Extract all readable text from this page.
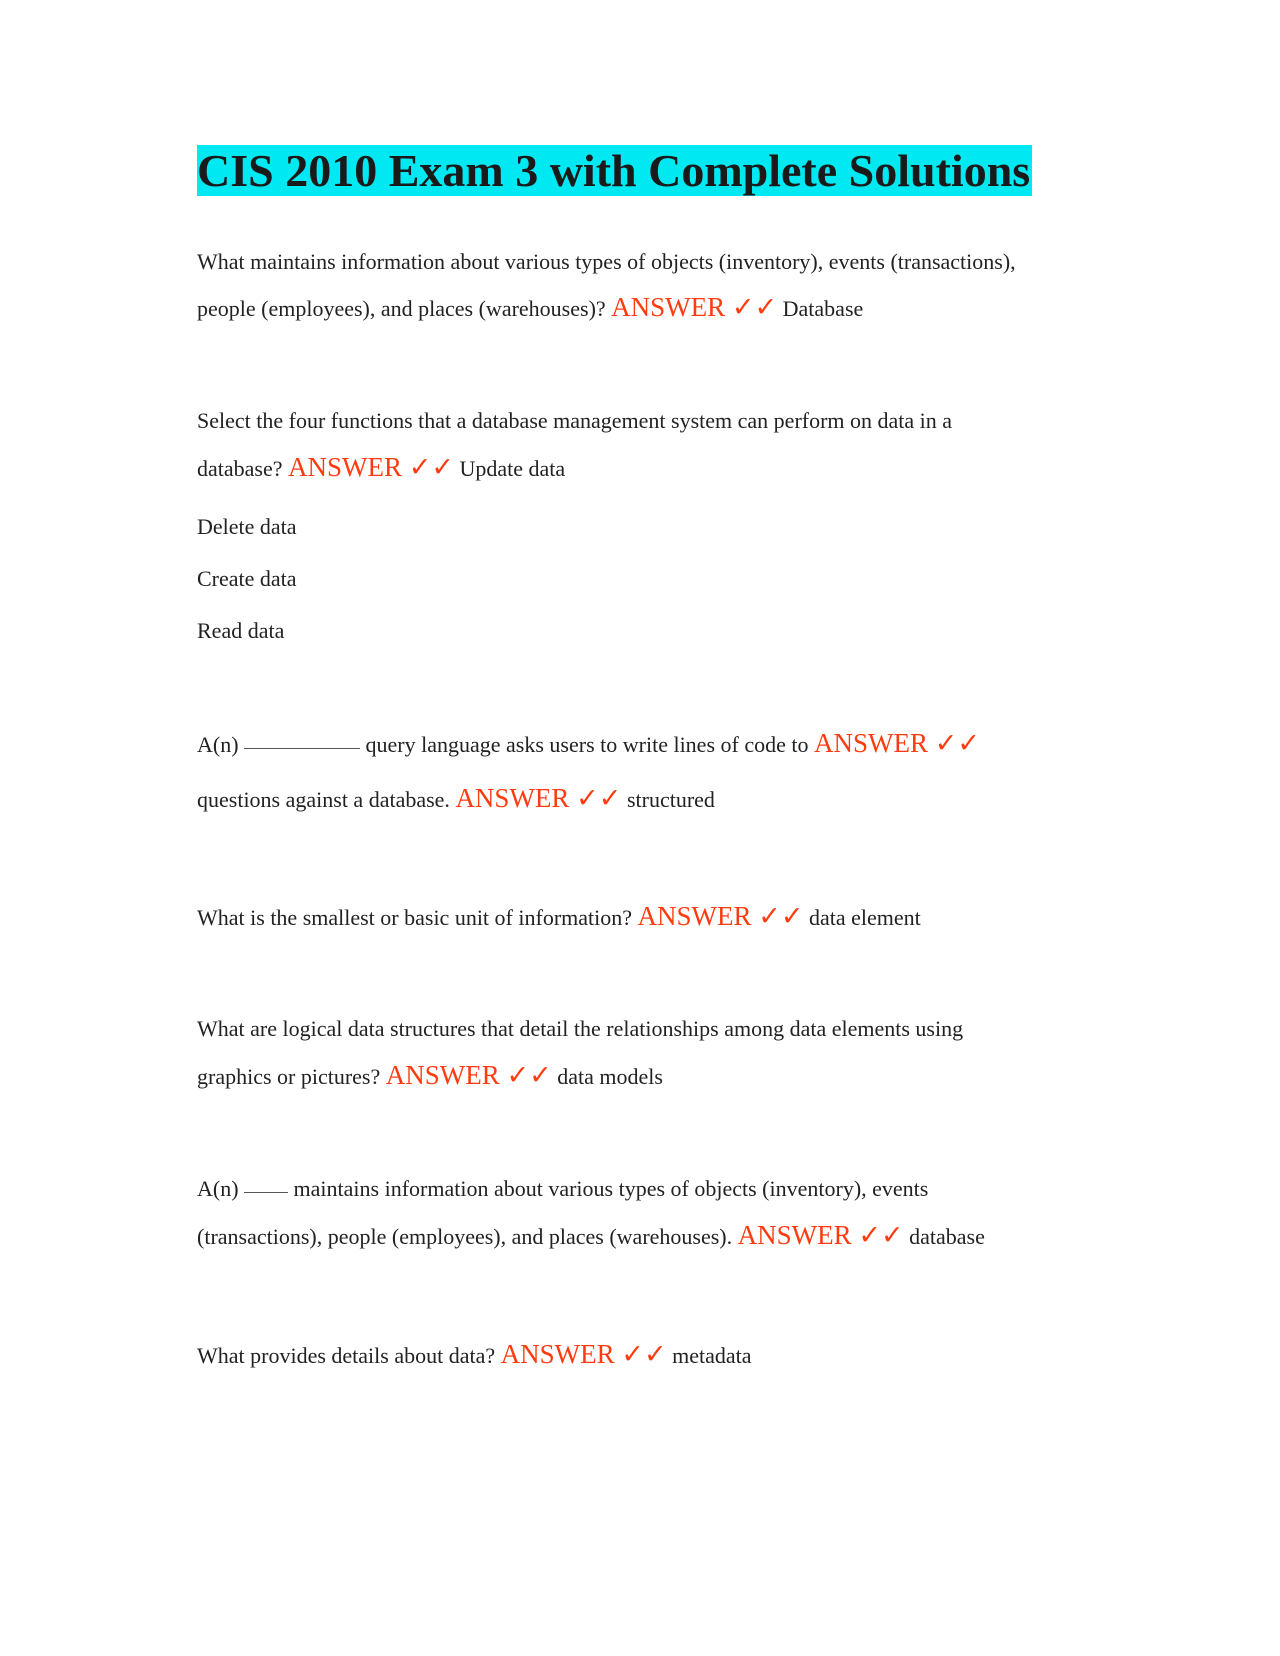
CIS 2010 Exam 3 with Complete Solutions

What maintains information about various types of objects (inventory), events (transactions),

people (employees), and places (warehouses)? ANSWER ✓✓ Database

Select the four functions that a database management system can perform on data in a

database? ANSWER ✓✓ Update data

Delete data

Create data

Read data

A(n)	query language asks users to write lines of code to ANSWER ✓✓

questions against a database. ANSWER ✓✓ structured

What is the smallest or basic unit of information? ANSWER ✓✓ data element

What are logical data structures that detail the relationships among data elements using

graphics or pictures? ANSWER ✓✓ data models

A(n)	maintains information about various types of objects (inventory), events

(transactions), people (employees), and places (warehouses). ANSWER ✓✓ database

What provides details about data? ANSWER ✓✓ metadata
